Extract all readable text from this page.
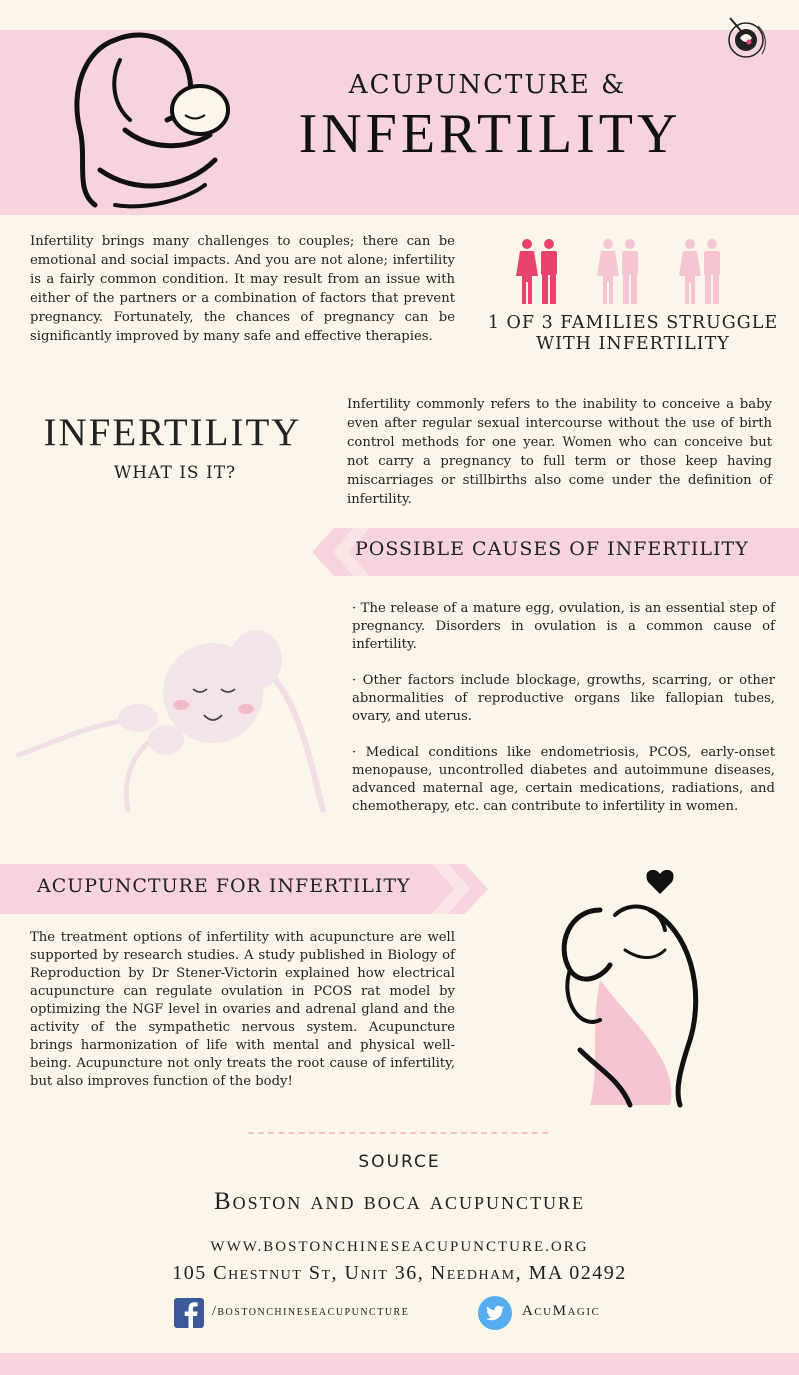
ACUPUNCTURE &
INFERTILITY
Infertility brings many challenges to couples; there can be emotional and social impacts. And you are not alone; infertility is a fairly common condition. It may result from an issue with either of the partners or a combination of factors that prevent pregnancy. Fortunately, the chances of pregnancy can be significantly improved by many safe and effective therapies.
1 OF 3 FAMILIES STRUGGLE WITH INFERTILITY
INFERTILITY
WHAT IS IT?
Infertility commonly refers to the inability to conceive a baby even after regular sexual intercourse without the use of birth control methods for one year. Women who can conceive but not carry a pregnancy to full term or those keep having miscarriages or stillbirths also come under the definition of infertility.
POSSIBLE CAUSES OF INFERTILITY

· The release of a mature egg, ovulation, is an essential step of pregnancy. Disorders in ovulation is a common cause of infertility.

· Other factors include blockage, growths, scarring, or other abnormalities of reproductive organs like fallopian tubes, ovary, and uterus.

· Medical conditions like endometriosis, PCOS, early-onset menopause, uncontrolled diabetes and autoimmune diseases, advanced maternal age, certain medications, radiations, and chemotherapy, etc. can contribute to infertility in women.

ACUPUNCTURE FOR INFERTILITY
The treatment options of infertility with acupuncture are well supported by research studies. A study published in Biology of Reproduction by Dr Stener-Victorin explained how electrical acupuncture can regulate ovulation in PCOS rat model by optimizing the NGF level in ovaries and adrenal gland and the activity of the sympathetic nervous system. Acupuncture brings harmonization of life with mental and physical well-being. Acupuncture not only treats the root cause of infertility, but also improves function of the body!
SOURCE
Boston and boca acupuncture
WWW.BOSTONCHINESEACUPUNCTURE.ORG
105 Chestnut St, Unit 36, Needham, MA 02492
/bostonchineseacupuncture	AcuMagic
